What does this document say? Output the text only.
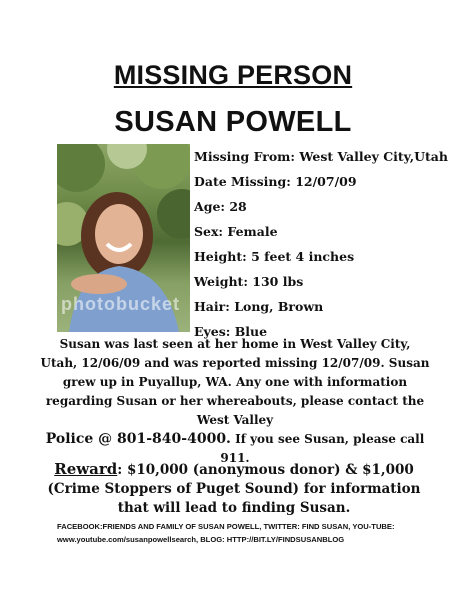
MISSING PERSON
SUSAN POWELL
photobucket
Missing From: West Valley City,Utah
Date Missing: 12/07/09
Age: 28
Sex: Female
Height: 5 feet 4 inches
Weight: 130 lbs
Hair: Long, Brown
Eyes: Blue
Susan was last seen at her home in West Valley City, Utah, 12/06/09 and was reported missing 12/07/09. Susan grew up in Puyallup, WA. Any one with information regarding Susan or her whereabouts, please contact the West Valley
Police @ 801-840-4000. If you see Susan, please call 911.
Reward: $10,000 (anonymous donor) & $1,000 (Crime Stoppers of Puget Sound) for information that will lead to finding Susan.
FACEBOOK:FRIENDS AND FAMILY OF SUSAN POWELL, TWITTER: FIND SUSAN, YOU-TUBE: www.youtube.com/susanpowellsearch, BLOG: HTTP://BIT.LY/FINDSUSANBLOG
